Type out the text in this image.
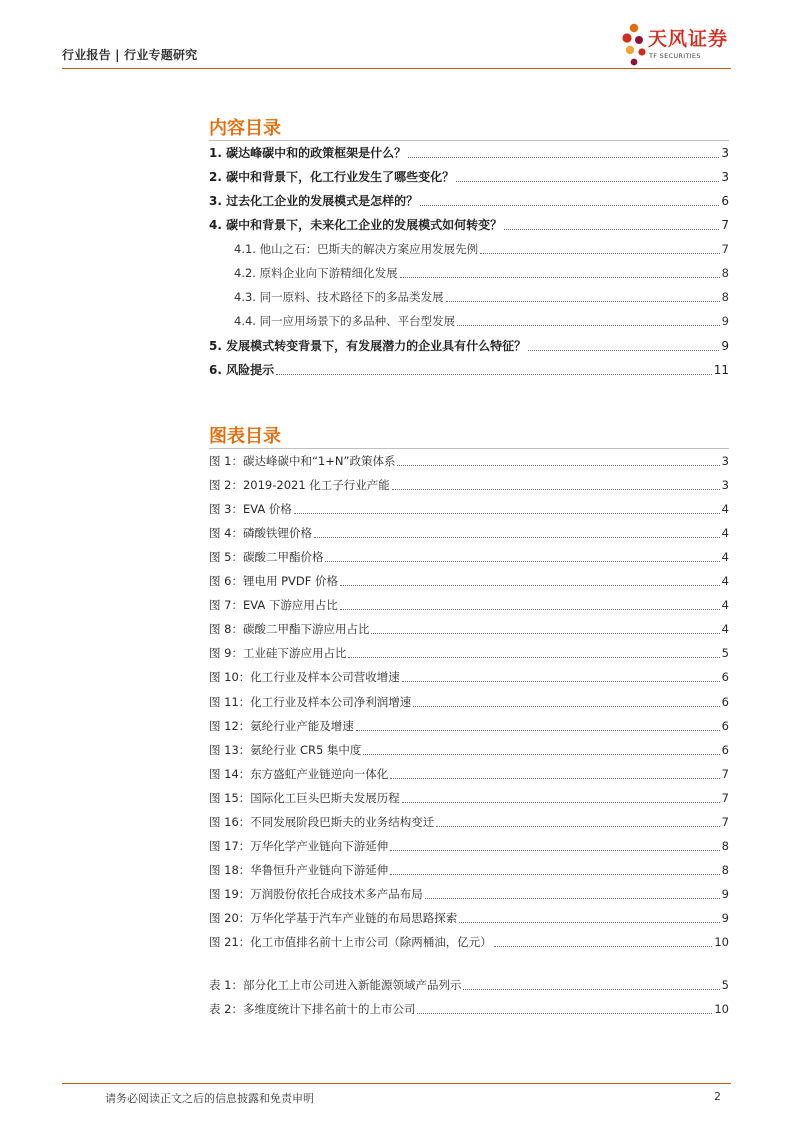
行业报告 | 行业专题研究
天风证券
TF SECURITIES
内容目录
1. 碳达峰碳中和的政策框架是什么？	3
2. 碳中和背景下，化工行业发生了哪些变化？	3
3. 过去化工企业的发展模式是怎样的？	6
4. 碳中和背景下，未来化工企业的发展模式如何转变？	7
4.1. 他山之石：巴斯夫的解决方案应用发展先例	7
4.2. 原料企业向下游精细化发展	8
4.3. 同一原料、技术路径下的多品类发展	8
4.4. 同一应用场景下的多品种、平台型发展	9
5. 发展模式转变背景下，有发展潜力的企业具有什么特征？	9
6. 风险提示	11
图表目录
图 1：碳达峰碳中和“1+N”政策体系	3
图 2：2019-2021 化工子行业产能	3
图 3：EVA 价格	4
图 4：磷酸铁锂价格	4
图 5：碳酸二甲酯价格	4
图 6：锂电用 PVDF 价格	4
图 7：EVA 下游应用占比	4
图 8：碳酸二甲酯下游应用占比	4
图 9：工业硅下游应用占比	5
图 10：化工行业及样本公司营收增速	6
图 11：化工行业及样本公司净利润增速	6
图 12：氨纶行业产能及增速	6
图 13：氨纶行业 CR5 集中度	6
图 14：东方盛虹产业链逆向一体化	7
图 15：国际化工巨头巴斯夫发展历程	7
图 16：不同发展阶段巴斯夫的业务结构变迁	7
图 17：万华化学产业链向下游延伸	8
图 18：华鲁恒升产业链向下游延伸	8
图 19：万润股份依托合成技术多产品布局	9
图 20：万华化学基于汽车产业链的布局思路探索	9
图 21：化工市值排名前十上市公司（除两桶油，亿元）	10
表 1：部分化工上市公司进入新能源领域产品列示	5
表 2：多维度统计下排名前十的上市公司	10
请务必阅读正文之后的信息披露和免责申明	2
